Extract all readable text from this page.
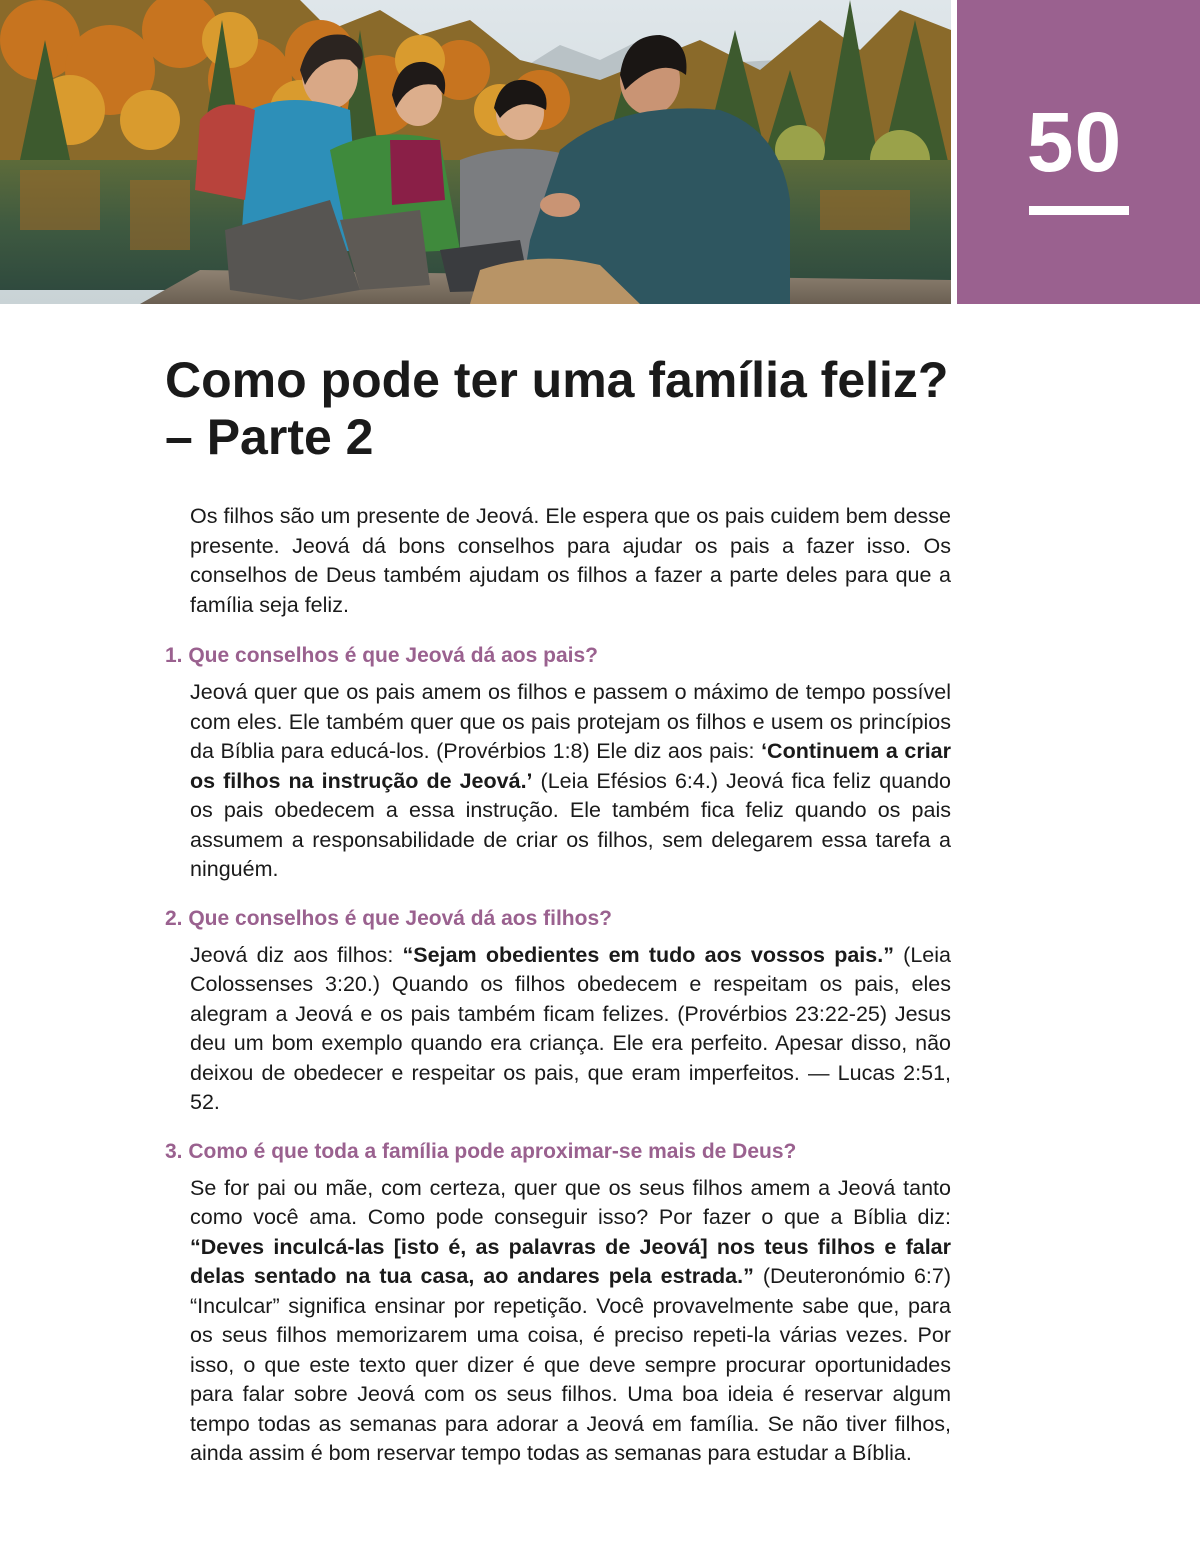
50
Como pode ter uma família feliz? – Parte 2

Os filhos são um presente de Jeová. Ele espera que os pais cuidem bem desse presente. Jeová dá bons conselhos para ajudar os pais a fazer isso. Os conselhos de Deus também ajudam os filhos a fazer a parte deles para que a família seja feliz.

1. Que conselhos é que Jeová dá aos pais?

Jeová quer que os pais amem os filhos e passem o máximo de tempo possível com eles. Ele também quer que os pais protejam os filhos e usem os princípios da Bíblia para educá-los. (Provérbios 1:8) Ele diz aos pais: ‘Continuem a criar os filhos na instrução de Jeová.’ (Leia Efésios 6:4.) Jeová fica feliz quando os pais obedecem a essa instrução. Ele também fica feliz quando os pais assumem a responsabilidade de criar os filhos, sem delegarem essa tarefa a ninguém.

2. Que conselhos é que Jeová dá aos filhos?

Jeová diz aos filhos: “Sejam obedientes em tudo aos vossos pais.” (Leia Colossenses 3:20.) Quando os filhos obedecem e respeitam os pais, eles alegram a Jeová e os pais também ficam felizes. (Provérbios 23:22-25) Jesus deu um bom exemplo quando era criança. Ele era perfeito. Apesar disso, não deixou de obedecer e respeitar os pais, que eram imperfeitos. — Lucas 2:51, 52.

3. Como é que toda a família pode aproximar-se mais de Deus?

Se for pai ou mãe, com certeza, quer que os seus filhos amem a Jeová tanto como você ama. Como pode conseguir isso? Por fazer o que a Bíblia diz: “Deves inculcá-las [isto é, as palavras de Jeová] nos teus filhos e falar delas sentado na tua casa, ao andares pela estrada.” (Deuteronómio 6:7) “Inculcar” significa ensinar por repetição. Você provavelmente sabe que, para os seus filhos memorizarem uma coisa, é preciso repeti-la várias vezes. Por isso, o que este texto quer dizer é que deve sempre procurar oportunidades para falar sobre Jeová com os seus filhos. Uma boa ideia é reservar algum tempo todas as semanas para adorar a Jeová em família. Se não tiver filhos, ainda assim é bom reservar tempo todas as semanas para estudar a Bíblia.
